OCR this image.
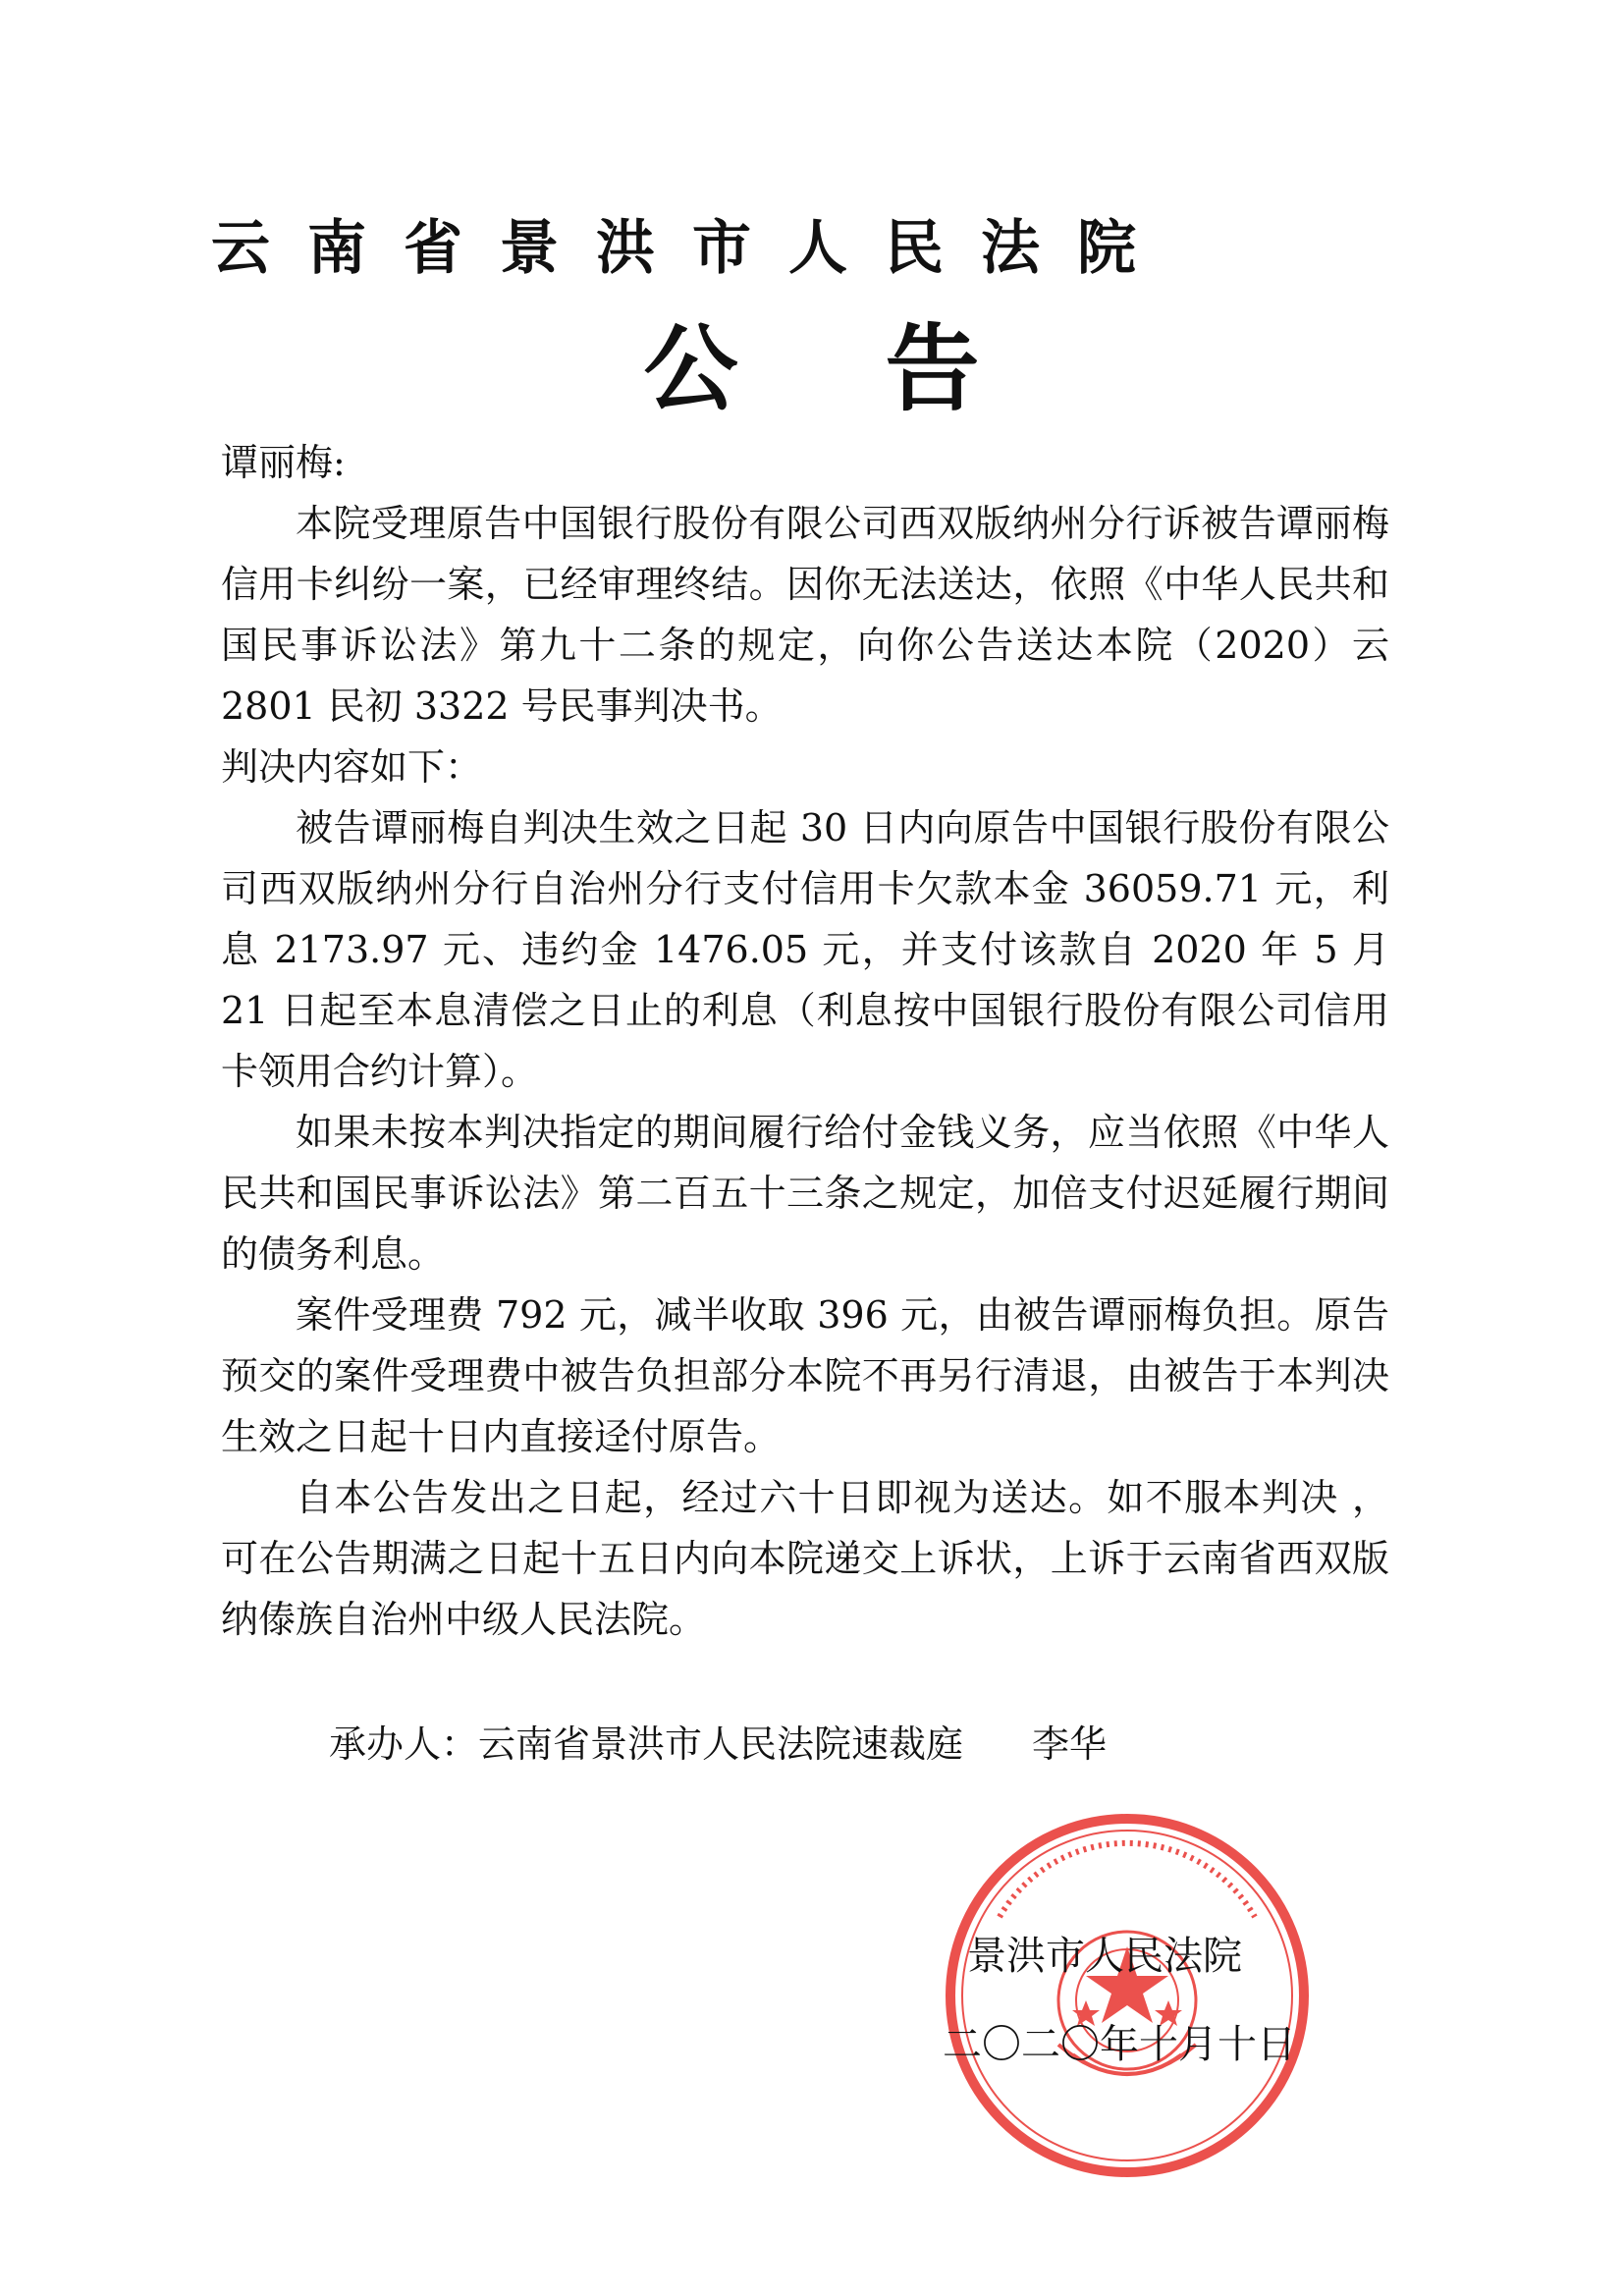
云南省景洪市人民法院
公告

谭丽梅:

本院受理原告中国银行股份有限公司西双版纳州分行诉被告谭丽梅信用卡纠纷一案，已经审理终结。因你无法送达，依照《中华人民共和国民事诉讼法》第九十二条的规定，向你公告送达本院（2020）云 2801 民初 3322 号民事判决书。

判决内容如下：

被告谭丽梅自判决生效之日起 30 日内向原告中国银行股份有限公司西双版纳州分行自治州分行支付信用卡欠款本金 36059.71 元，利息 2173.97 元、违约金 1476.05 元，并支付该款自 2020 年 5 月 21 日起至本息清偿之日止的利息（利息按中国银行股份有限公司信用卡领用合约计算）。

如果未按本判决指定的期间履行给付金钱义务，应当依照《中华人民共和国民事诉讼法》第二百五十三条之规定，加倍支付迟延履行期间的债务利息。

案件受理费 792 元，减半收取 396 元，由被告谭丽梅负担。原告预交的案件受理费中被告负担部分本院不再另行清退，由被告于本判决生效之日起十日内直接迳付原告。

自本公告发出之日起，经过六十日即视为送达。如不服本判决 ，可在公告期满之日起十五日内向本院递交上诉状，上诉于云南省西双版纳傣族自治州中级人民法院。

承办人：云南省景洪市人民法院速裁庭 李华
景洪市人民法院
二〇二〇年十月十日
